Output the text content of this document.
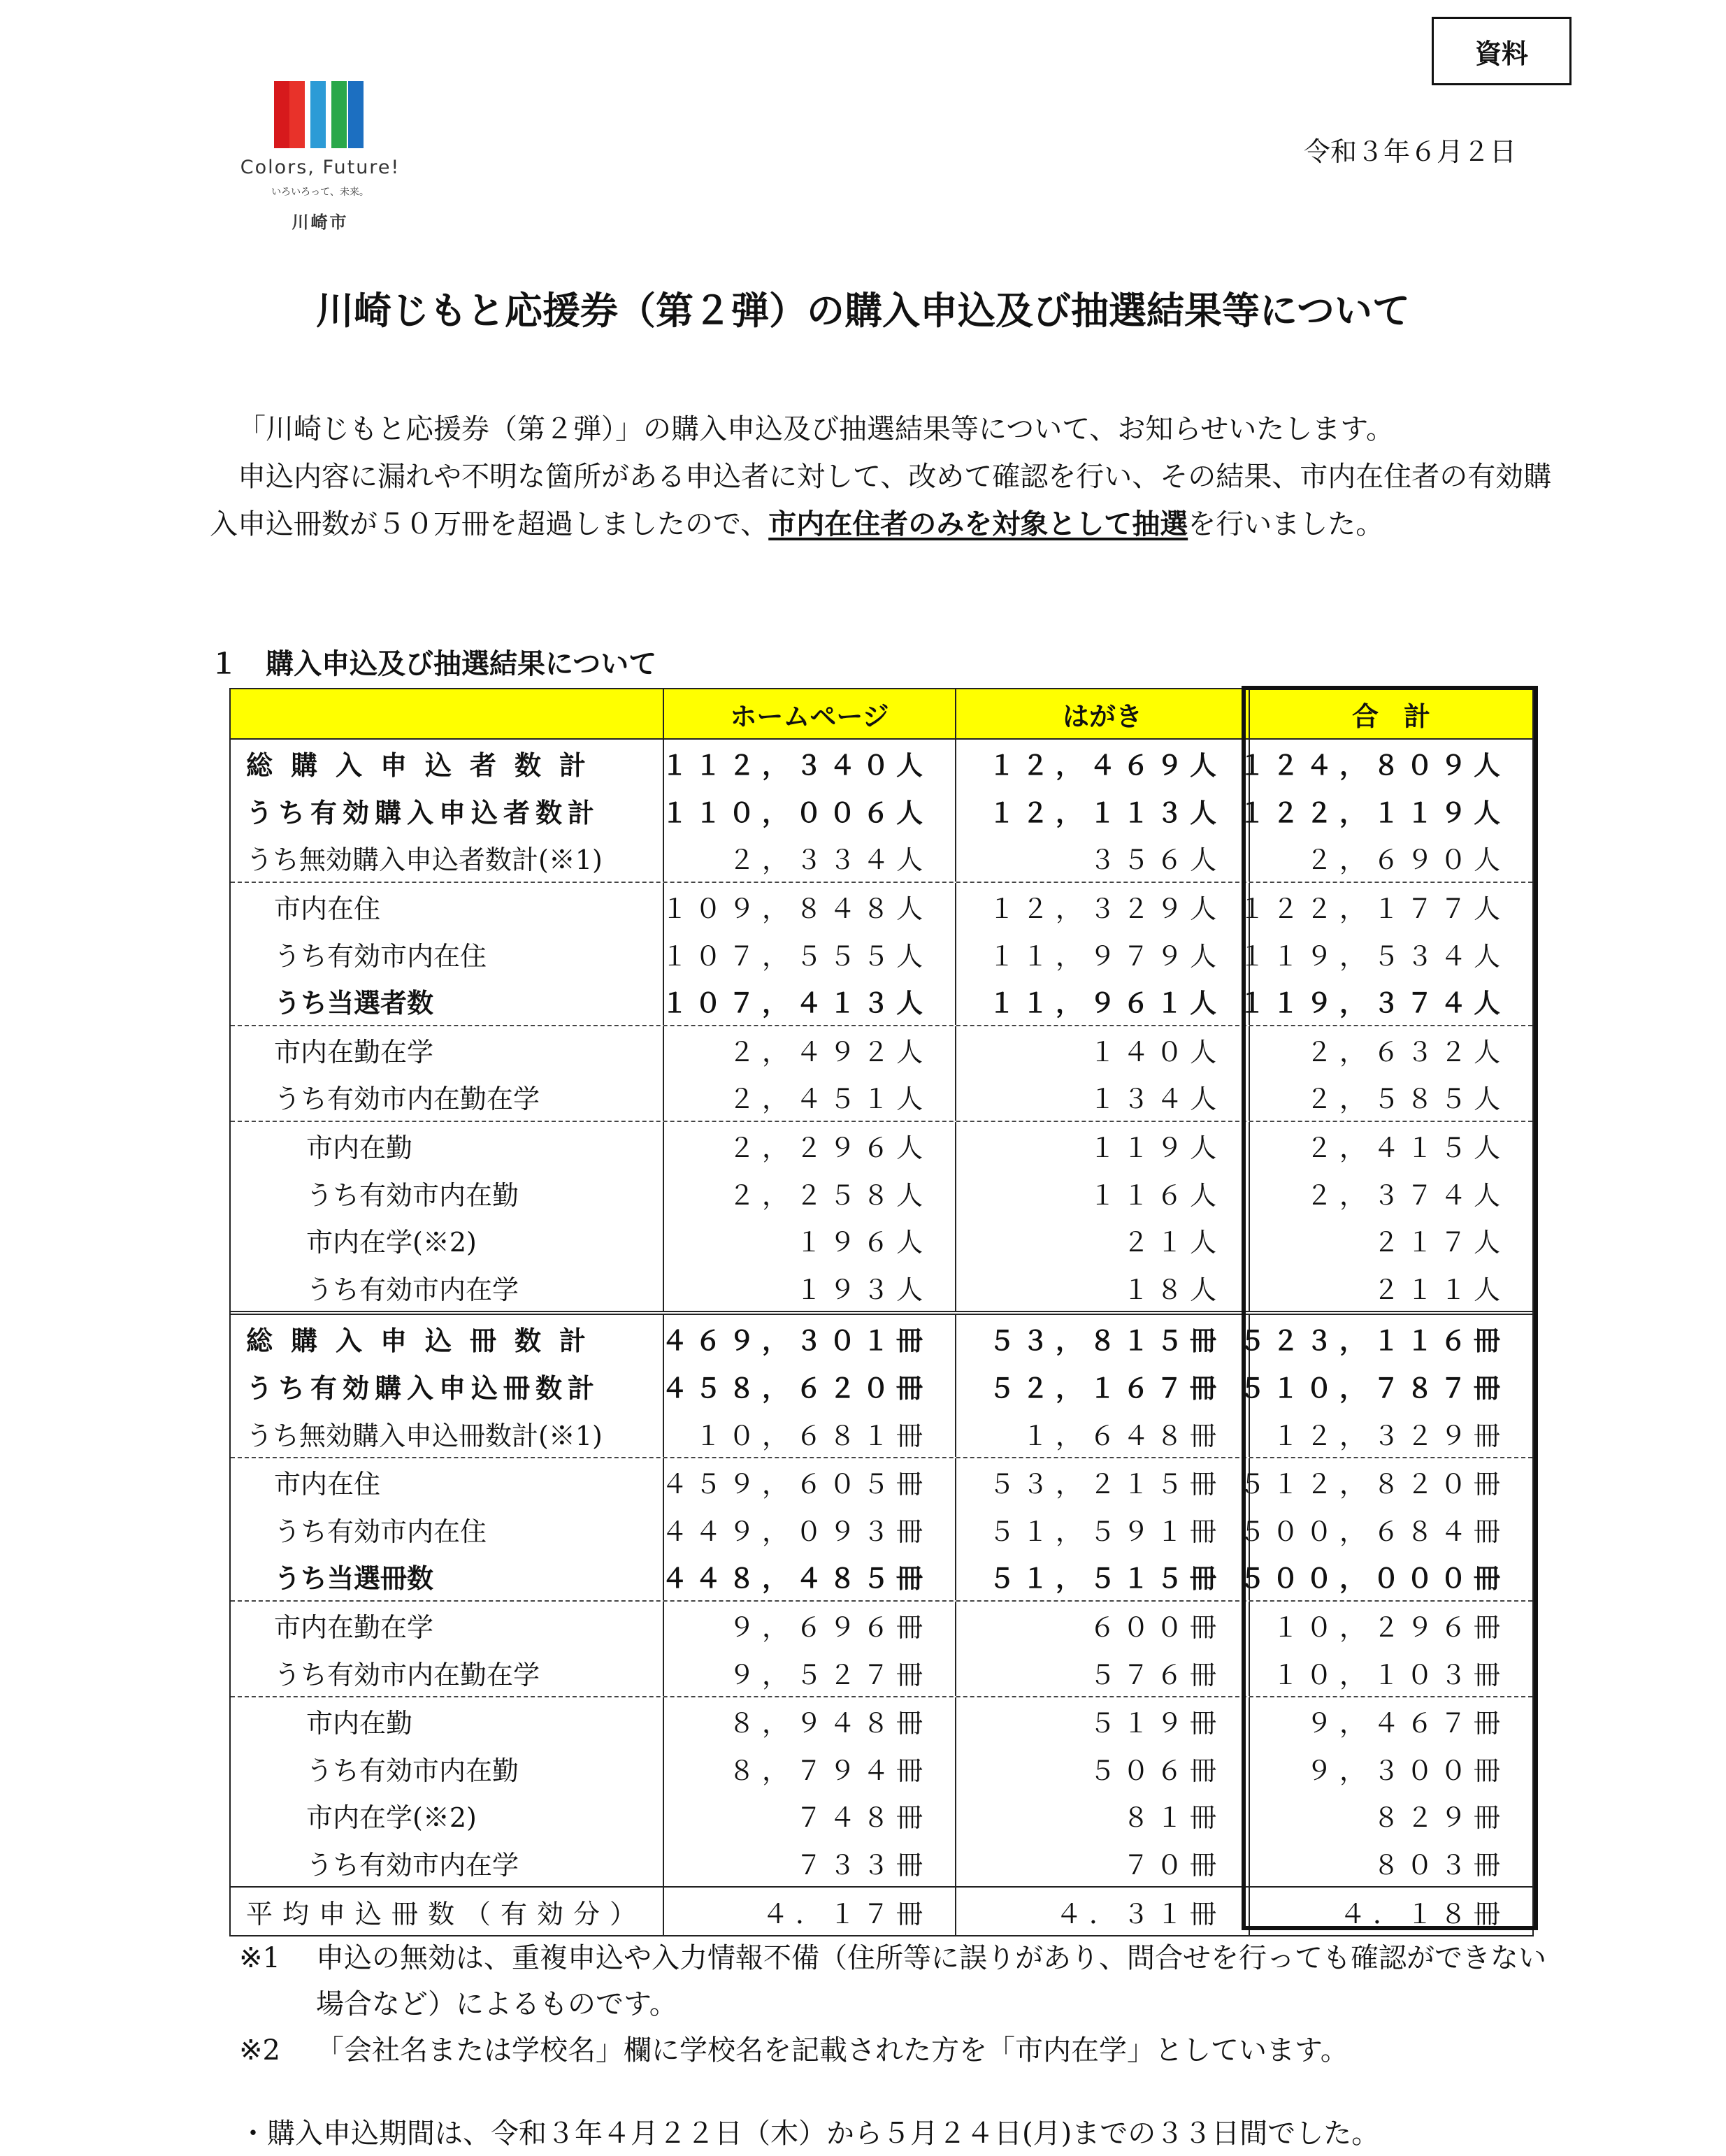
資料
令和３年６月２日
Colors, Future!
いろいろって、未来。
川崎市
川崎じもと応援券（第２弾）の購入申込及び抽選結果等について

「川崎じもと応援券（第２弾）」の購入申込及び抽選結果等について、お知らせいたします。

申込内容に漏れや不明な箇所がある申込者に対して、改めて確認を行い、その結果、市内在住者の有効購入申込冊数が５０万冊を超過しましたので、市内在住者のみを対象として抽選を行いました。

１　購入申込及び抽選結果について
ホームページ	はがき	合計
総購入申込者数計	１１２，３４０人	１２，４６９人 １２４，８０９人
うち有効購入申込者数計	１１０，００６人	１２，１１３人 １２２，１１９人
うち無効購入申込者数計(※1)	２，３３４人	３５６人	２，６９０人
市内在住	１０９，８４８人	１２，３２９人 １２２，１７７人
うち有効市内在住	１０７，５５５人	１１，９７９人 １１９，５３４人
うち当選者数	１０７，４１３人	１１，９６１人 １１９，３７４人
市内在勤在学	２，４９２人	１４０人	２，６３２人
うち有効市内在勤在学	２，４５１人	１３４人	２，５８５人
市内在勤	２，２９６人	１１９人	２，４１５人
うち有効市内在勤	２，２５８人	１１６人	２，３７４人
市内在学(※2)	１９６人	２１人	２１７人
うち有効市内在学	１９３人	１８人	２１１人
総購入申込冊数計	４６９，３０１冊	５３，８１５冊 ５２３，１１６冊
うち有効購入申込冊数計	４５８，６２０冊	５２，１６７冊 ５１０，７８７冊
うち無効購入申込冊数計(※1)	１０，６８１冊	１，６４８冊	１２，３２９冊
市内在住	４５９，６０５冊	５３，２１５冊 ５１２，８２０冊
うち有効市内在住	４４９，０９３冊	５１，５９１冊 ５００，６８４冊
うち当選冊数	４４８，４８５冊	５１，５１５冊 ５００，０００冊
市内在勤在学	９，６９６冊	６００冊	１０，２９６冊
うち有効市内在勤在学	９，５２７冊	５７６冊	１０，１０３冊
市内在勤	８，９４８冊	５１９冊	９，４６７冊
うち有効市内在勤	８，７９４冊	５０６冊	９，３００冊
市内在学(※2)	７４８冊	８１冊	８２９冊
うち有効市内在学	７３３冊	７０冊	８０３冊
平均申込冊数（有効分）	４．１７冊	４．３１冊	４．１８冊
※1	申込の無効は、重複申込や入力情報不備（住所等に誤りがあり、問合せを行っても確認ができない場合など）によるものです。
※2	「会社名または学校名」欄に学校名を記載された方を「市内在学」としています。
・購入申込期間は、令和３年４月２２日（木）から５月２４日(月)までの３３日間でした。
